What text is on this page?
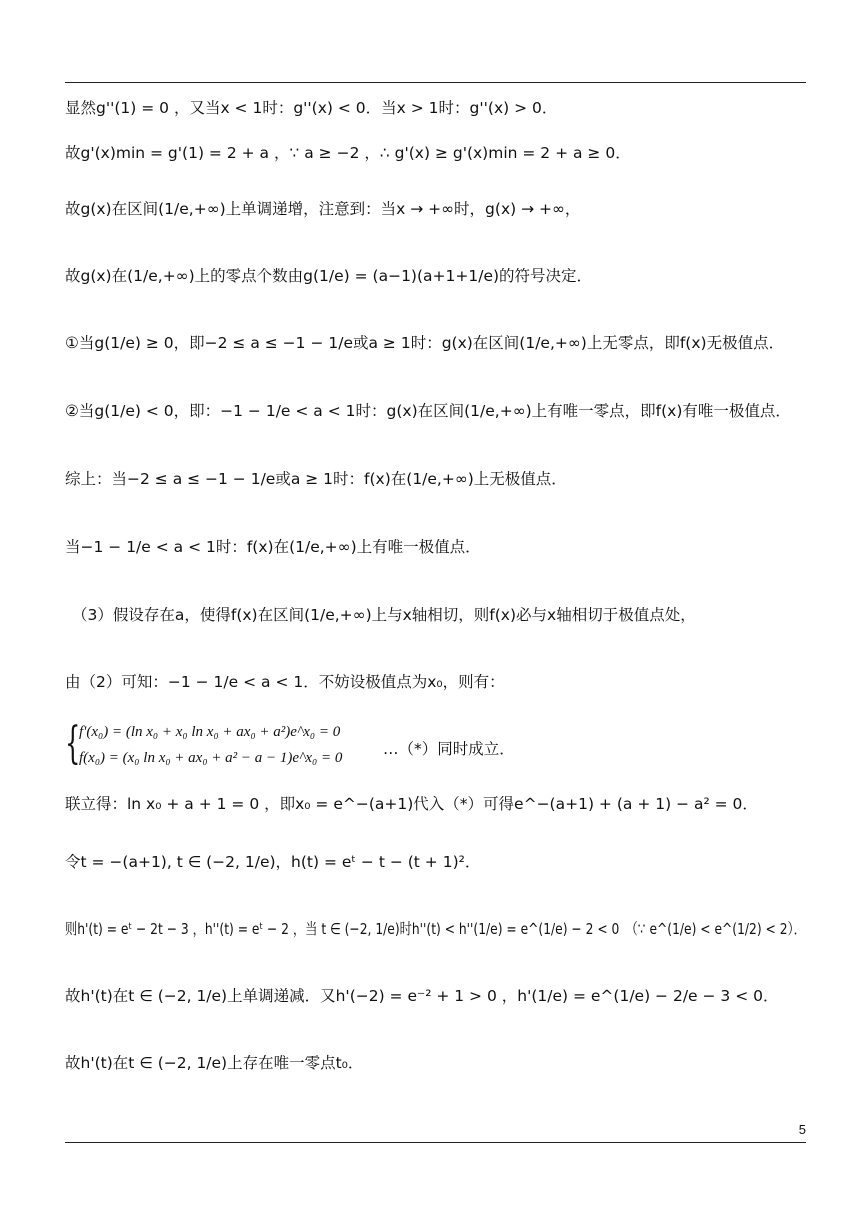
显然g''(1) = 0 ，又当x < 1时：g''(x) < 0．当x > 1时：g''(x) > 0．
故g'(x)min = g'(1) = 2 + a ，∵ a ≥ −2 ，∴ g'(x) ≥ g'(x)min = 2 + a ≥ 0．
故g(x)在区间(1/e,+∞)上单调递增，注意到：当x → +∞时，g(x) → +∞，
故g(x)在(1/e,+∞)上的零点个数由g(1/e) = (a−1)(a+1+1/e)的符号决定．
①当g(1/e) ≥ 0，即−2 ≤ a ≤ −1 − 1/e或a ≥ 1时：g(x)在区间(1/e,+∞)上无零点，即f(x)无极值点．
②当g(1/e) < 0，即：−1 − 1/e < a < 1时：g(x)在区间(1/e,+∞)上有唯一零点，即f(x)有唯一极值点．
综上：当−2 ≤ a ≤ −1 − 1/e或a ≥ 1时：f(x)在(1/e,+∞)上无极值点．
当−1 − 1/e < a < 1时：f(x)在(1/e,+∞)上有唯一极值点．
（3）假设存在a，使得f(x)在区间(1/e,+∞)上与x轴相切，则f(x)必与x轴相切于极值点处，
由（2）可知：−1 − 1/e < a < 1．不妨设极值点为x₀，则有：
{
f'(x₀) = (ln x₀ + x₀ ln x₀ + ax₀ + a²)e^x₀ = 0
f(x₀) = (x₀ ln x₀ + ax₀ + a² − a − 1)e^x₀ = 0	…（*）同时成立．
联立得：ln x₀ + a + 1 = 0 ，即x₀ = e^−(a+1)代入（*）可得e^−(a+1) + (a + 1) − a² = 0．
令t = −(a+1), t ∈ (−2, 1/e)，h(t) = eᵗ − t − (t + 1)²．
则h'(t) = eᵗ − 2t − 3 ，h''(t) = eᵗ − 2 ，当 t ∈ (−2, 1/e)时h''(t) < h''(1/e) = e^(1/e) − 2 < 0　（∵ e^(1/e) < e^(1/2) < 2）．
故h'(t)在t ∈ (−2, 1/e)上单调递减．又h'(−2) = e⁻² + 1 > 0 ，h'(1/e) = e^(1/e) − 2/e − 3 < 0．
故h'(t)在t ∈ (−2, 1/e)上存在唯一零点t₀．
5
